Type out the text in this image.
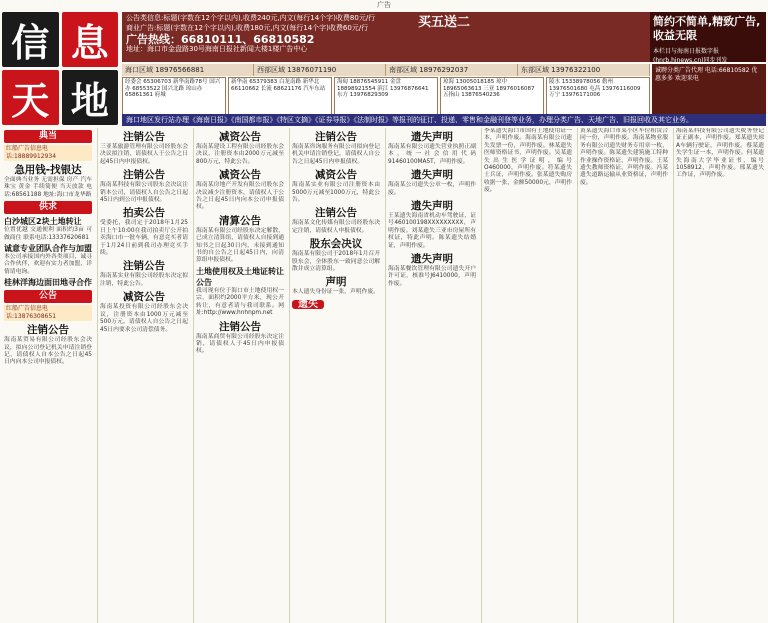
广告
信 息
天 地
公告类信息:标题(字数在12个字以内),收费240元,内文(每行14个字)收费80元/行
商业广告:标题(字数在12个字以内),收费180元,内文(每行14个字)收费60元/行
广告热线：66810111、66810582
地址：海口市金盘路30号海南日报社新闻大楼1楼广告中心
买五送二	简约不简单,精致广告,收益无限
本栏目与海南日报数字报(hnrb.hinews.cn)同步刊发
海口区域 18976566881	西部区域 13876071190	南部区域 18976292037	东部区域 13976322100
经委会 65306703 新华南路78号 国兴办 68553522 国兴北路 琼山办 65861361 府城
新华南 65379383 白龙南路 新华北 66110662 长流 68621176 汽车东站
海甸 18876545911 金盘 18898921554 滨江 13976876641 东方 13976829309
琼海 13005018185 琼中 18965063613 三亚 18976016087 五指山 13876540236
陵水 15338978056 儋州 13976501680 屯昌 13976116009 万宁 13976171006
诚聘分类广告代理 电话:66810582 优惠多多 欢迎来电
海口地区发行站办理《海南日报》《南国都市报》《特区文摘》《证券导报》《法制时报》等报刊的征订、投递、零售和金融刊登等业务，办理分类广告、天地广告、旧报回收及其它业务。
典当
红船广告信息电话:18889912934
急用钱-找银达
全面典当业务 无需担保 房产 汽车 珠宝 黄金 手续简便 当天放款 电话:68561188 地址:海口市龙华路
供求
白沙城区2块土地转让
位置优越 交通便利 面积约3亩 可做商住 联系电话:13337620681
诚意专业团队合作与加盟
本公司承接国内外各类项目，诚寻合作伙伴，欢迎有实力者加盟，详情请电询。
桂林洋海边面田地寻合作
公告
红船广告信息电话:13876308651
注销公告
海南某贸易有限公司经股东会决议，拟向公司登记机关申请注销登记，请债权人自本公告之日起45日内向本公司申报债权。
注销公告
三亚某旅游管理有限公司经股东会决议拟注销，请债权人于公告之日起45日内申报债权。
注销公告
海南某科技有限公司股东会决议注销本公司，请债权人自公告之日起45日内到公司申报债权。
拍卖公告
受委托，我司定于2018年1月25日上午10:00在我司拍卖厅公开拍卖海口市一批车辆，有意竞买者请于1月24日前到我司办理竞买手续。
注销公告
海南某实业有限公司经股东决定拟注销，特此公告。
减资公告
海南某投资有限公司经股东会决议，注册资本由1000万元减至500万元，请债权人自公告之日起45日内要求公司清偿债务。
减资公告
海南某建设工程有限公司经股东会决议，注册资本由2000万元减至800万元，特此公告。
减资公告
海南某房地产开发有限公司股东会决议减少注册资本，请债权人于公告之日起45日内向本公司申报债权。
清算公告
海南某有限公司经股东决定解散，已成立清算组，请债权人自接到通知书之日起30日内，未接到通知书的自公告之日起45日内，向清算组申报债权。
土地使用权及土地证转让公告
我司现有位于海口市土地使用权一宗，面积约2000平方米，现公开转让，有意者请与我司联系。网址:http://www.hnhnpm.net
注销公告
海南某商贸有限公司经股东决定注销，请债权人于45日内申报债权。
注销公告
海南某咨询服务有限公司拟向登记机关申请注销登记，请债权人自公告之日起45日内申报债权。
减资公告
海南某实业有限公司注册资本由5000万元减至1000万元，特此公告。
注销公告
海南某文化传媒有限公司经股东决定注销，请债权人申报债权。
股东会决议
海南某有限公司于2018年1月召开股东会，全体股东一致同意公司解散并成立清算组。
声明
本人遗失身份证一张，声明作废。
遗失
遗失声明
海南某有限公司遗失营业执照正副本，统一社会信用代码91460100MA5T，声明作废。
遗失声明
海南某公司遗失公章一枚，声明作废。
遗失声明
王某遗失海南省机动车驾驶证，证号460100198XXXXXXXXX，声明作废。刘某遗失三亚市房屋所有权证，特此声明。陈某遗失结婚证，声明作废。
遗失声明
海南某餐饮管理有限公司遗失开户许可证，核准号J6410000，声明作废。
李某遗失海口市国有土地使用证一本，声明作废。海南某有限公司遗失发票一份，声明作废。林某遗失医师资格证书，声明作废。吴某遗失出生医学证明，编号O460000，声明作废。符某遗失士兵证，声明作废。张某遗失购房收据一张，金额50000元，声明作废。
黄某遗失海口市某小区车位租赁合同一份，声明作废。海南某物业服务有限公司遗失财务专用章一枚，声明作废。陈某遗失建筑施工特种作业操作资格证，声明作废。王某遗失教师资格证，声明作废。冯某遗失道路运输从业资格证，声明作废。
海南某科技有限公司遗失税务登记证正副本，声明作废。郑某遗失琼A车辆行驶证，声明作废。蔡某遗失学生证一本，声明作废。何某遗失海南大学毕业证书，编号1058912，声明作废。邢某遗失工作证，声明作废。
